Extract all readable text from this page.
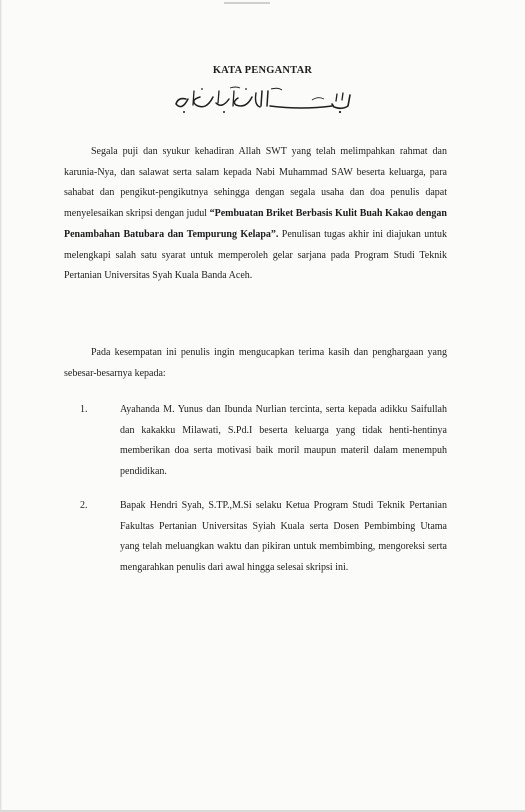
KATA PENGANTAR

Segala puji dan syukur kehadiran Allah SWT yang telah melimpahkan rahmat dan karunia-Nya, dan salawat serta salam kepada Nabi Muhammad SAW beserta keluarga, para sahabat dan pengikut-pengikutnya sehingga dengan segala usaha dan doa penulis dapat menyelesaikan skripsi dengan judul “Pembuatan Briket Berbasis Kulit Buah Kakao dengan Penambahan Batubara dan Tempurung Kelapa”. Penulisan tugas akhir ini diajukan untuk melengkapi salah satu syarat untuk memperoleh gelar sarjana pada Program Studi Teknik Pertanian Universitas Syah Kuala Banda Aceh.

Pada kesempatan ini penulis ingin mengucapkan terima kasih dan penghargaan yang sebesar-besarnya kepada:

1.	Ayahanda M. Yunus dan Ibunda Nurlian tercinta, serta kepada adikku Saifullah dan kakakku Milawati, S.Pd.I beserta keluarga yang tidak henti-hentinya memberikan doa serta motivasi baik moril maupun materil dalam menempuh pendidikan.
2.	Bapak Hendri Syah, S.TP.,M.Si selaku Ketua Program Studi Teknik Pertanian Fakultas Pertanian Universitas Syiah Kuala serta Dosen Pembimbing Utama yang telah meluangkan waktu dan pikiran untuk membimbing, mengoreksi serta mengarahkan penulis dari awal hingga selesai skripsi ini.
